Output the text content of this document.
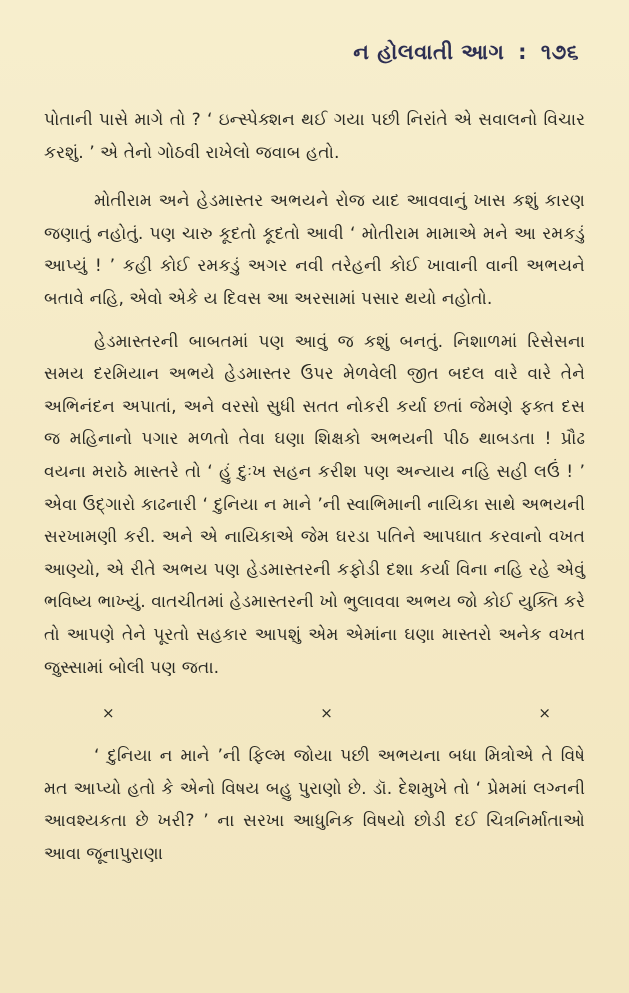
ન હોલવાતી આગ : ૧૭૬

પોતાની પાસે માગે તો ? ‘ ઇન્સ્પેક્શન થઈ ગયા પછી નિરાંતે એ સવાલનો વિચાર કરશું. ’ એ તેનો ગોઠવી રાખેલો જવાબ હતો.

મોતીરામ અને હેડમાસ્તર અભયને રોજ યાદ આવવાનું ખાસ કશું કારણ જણાતું નહોતું. પણ ચારુ કૂદતો કૂદતો આવી ‘ મોતીરામ મામાએ મને આ રમકડું આપ્યું ! ’ કહી કોઈ રમકડું અગર નવી તરેહની કોઈ ખાવાની વાની અભયને બતાવે નહિ, એવો એકે ય દિવસ આ અરસામાં પસાર થયો નહોતો.

હેડમાસ્તરની બાબતમાં પણ આવું જ કશું બનતું. નિશાળમાં રિસેસના સમય દરમિયાન અભયે હેડમાસ્તર ઉપર મેળવેલી જીત બદલ વારે વારે તેને અભિનંદન અપાતાં, અને વરસો સુધી સતત નોકરી કર્યા છતાં જેમણે ફક્ત દસ જ મહિનાનો પગાર મળતો તેવા ઘણા શિક્ષકો અભયની પીઠ થાબડતા ! પ્રૌઢ વયના મરાઠે માસ્તરે તો ‘ હું દુઃખ સહન કરીશ પણ અન્યાય નહિ સહી લઉં ! ’ એવા ઉદ્ગારો કાઢનારી ‘ દુનિયા ન માને ’ની સ્વાભિમાની નાયિકા સાથે અભયની સરખામણી કરી. અને એ નાયિકાએ જેમ ઘરડા પતિને આપઘાત કરવાનો વખત આણ્યો, એ રીતે અભય પણ હેડમાસ્તરની કફોડી દશા કર્યા વિના નહિ રહે એવું ભવિષ્ય ભાખ્યું. વાતચીતમાં હેડમાસ્તરની ખો ભુલાવવા અભય જો કોઈ યુક્તિ કરે તો આપણે તેને પૂરતો સહકાર આપશું એમ એમાંના ઘણા માસ્તરો અનેક વખત જુસ્સામાં બોલી પણ જતા.

×	×	×

‘ દુનિયા ન માને ’ની ફિલ્મ જોયા પછી અભયના બધા મિત્રોએ તે વિષે મત આપ્યો હતો કે એનો વિષય બહુ પુરાણો છે. ડૉ. દેશમુખે તો ‘ પ્રેમમાં લગ્નની આવશ્યકતા છે ખરી? ’ ના સરખા આધુનિક વિષયો છોડી દઈ ચિત્રનિર્માતાઓ આવા જૂનાપુરાણા
